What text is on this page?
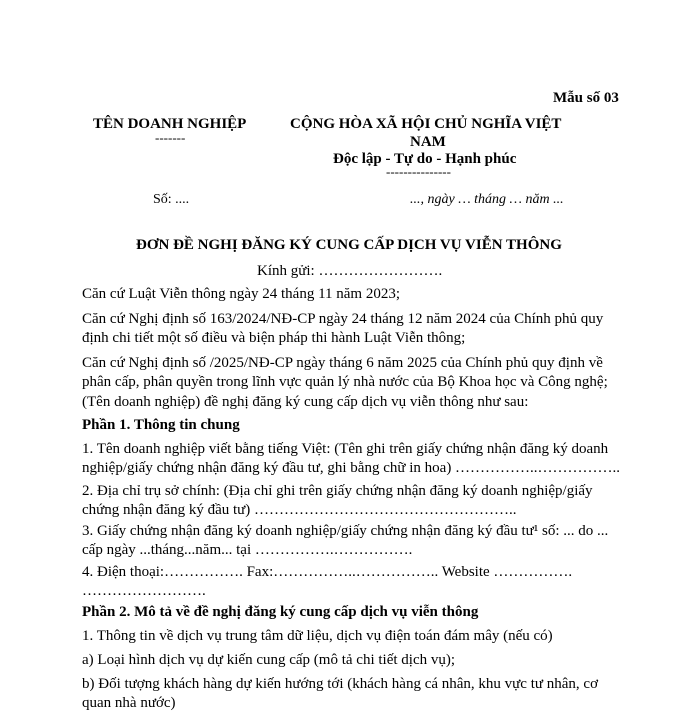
Mẫu số 03
TÊN DOANH NGHIỆP
-------
CỘNG HÒA XÃ HỘI CHỦ NGHĨA VIỆT
NAM
Độc lập - Tự do - Hạnh phúc
---------------
Số: ....	..., ngày … tháng … năm ...
ĐƠN ĐỀ NGHỊ ĐĂNG KÝ CUNG CẤP DỊCH VỤ VIỄN THÔNG
Kính gửi: …………………….
Căn cứ Luật Viễn thông ngày 24 tháng 11 năm 2023;
Căn cứ Nghị định số 163/2024/NĐ-CP ngày 24 tháng 12 năm 2024 của Chính phủ quy định chi tiết một số điều và biện pháp thi hành Luật Viễn thông;
Căn cứ Nghị định số /2025/NĐ-CP ngày tháng 6 năm 2025 của Chính phủ quy định về phân cấp, phân quyền trong lĩnh vực quản lý nhà nước của Bộ Khoa học và Công nghệ;
(Tên doanh nghiệp) đề nghị đăng ký cung cấp dịch vụ viễn thông như sau:
Phần 1. Thông tin chung
1. Tên doanh nghiệp viết bằng tiếng Việt: (Tên ghi trên giấy chứng nhận đăng ký doanh nghiệp/giấy chứng nhận đăng ký đầu tư, ghi bằng chữ in hoa) ……………..……………..
2. Địa chỉ trụ sở chính: (Địa chỉ ghi trên giấy chứng nhận đăng ký doanh nghiệp/giấy chứng nhận đăng ký đầu tư) ……………………………………………..
3. Giấy chứng nhận đăng ký doanh nghiệp/giấy chứng nhận đăng ký đầu tư¹ số: ... do ... cấp ngày ...tháng...năm... tại …………….…………….
4. Điện thoại:……………. Fax:……………..…………….. Website ……………. …………………….
Phần 2. Mô tả về đề nghị đăng ký cung cấp dịch vụ viễn thông
1. Thông tin về dịch vụ trung tâm dữ liệu, dịch vụ điện toán đám mây (nếu có)
a) Loại hình dịch vụ dự kiến cung cấp (mô tả chi tiết dịch vụ);
b) Đối tượng khách hàng dự kiến hướng tới (khách hàng cá nhân, khu vực tư nhân, cơ quan nhà nước)
